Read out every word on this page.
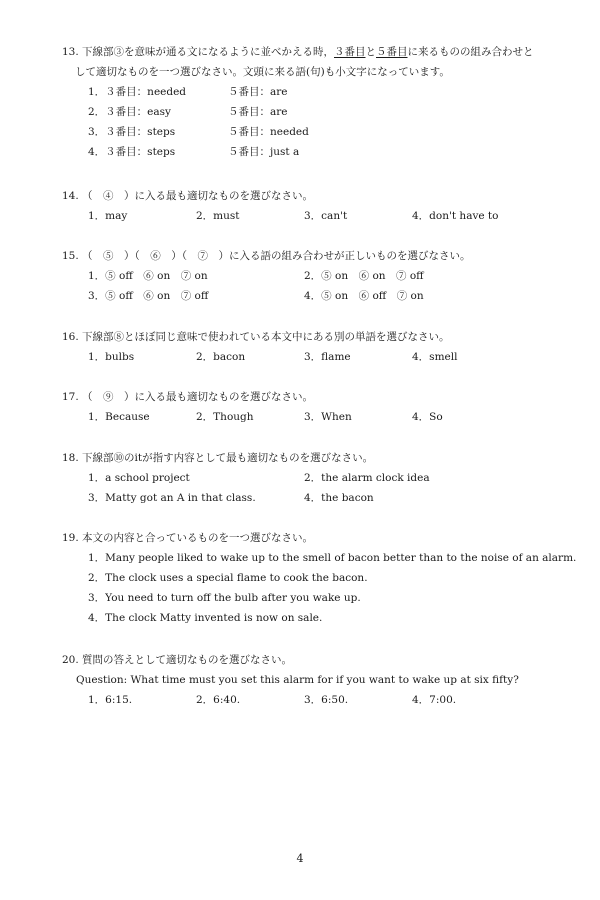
13. 下線部③を意味が通る文になるように並べかえる時，３番目と５番目に来るものの組み合わせと
して適切なものを一つ選びなさい。文頭に来る語(句)も小文字になっています。
1．３番目：needed	５番目：are
2．３番目：easy	５番目：are
3．３番目：steps	５番目：needed
4．３番目：steps	５番目：just a
14. （　④　）に入る最も適切なものを選びなさい。
1．may	2．must	3．can't	4．don't have to
15. （　⑤　）（　⑥　）（　⑦　）に入る語の組み合わせが正しいものを選びなさい。
1．⑤ off　⑥ on　⑦ on	2．⑤ on　⑥ on　⑦ off
3．⑤ off　⑥ on　⑦ off	4．⑤ on　⑥ off　⑦ on
16. 下線部⑧とほぼ同じ意味で使われている本文中にある別の単語を選びなさい。
1．bulbs	2．bacon	3．flame	4．smell
17. （　⑨　）に入る最も適切なものを選びなさい。
1．Because	2．Though	3．When	4．So
18. 下線部⑩のitが指す内容として最も適切なものを選びなさい。
1．a school project	2．the alarm clock idea
3．Matty got an A in that class.	4．the bacon
19. 本文の内容と合っているものを一つ選びなさい。
1．Many people liked to wake up to the smell of bacon better than to the noise of an alarm.
2．The clock uses a special flame to cook the bacon.
3．You need to turn off the bulb after you wake up.
4．The clock Matty invented is now on sale.
20. 質問の答えとして適切なものを選びなさい。
Question: What time must you set this alarm for if you want to wake up at six fifty?
1．6:15.	2．6:40.	3．6:50.	4．7:00.
4
